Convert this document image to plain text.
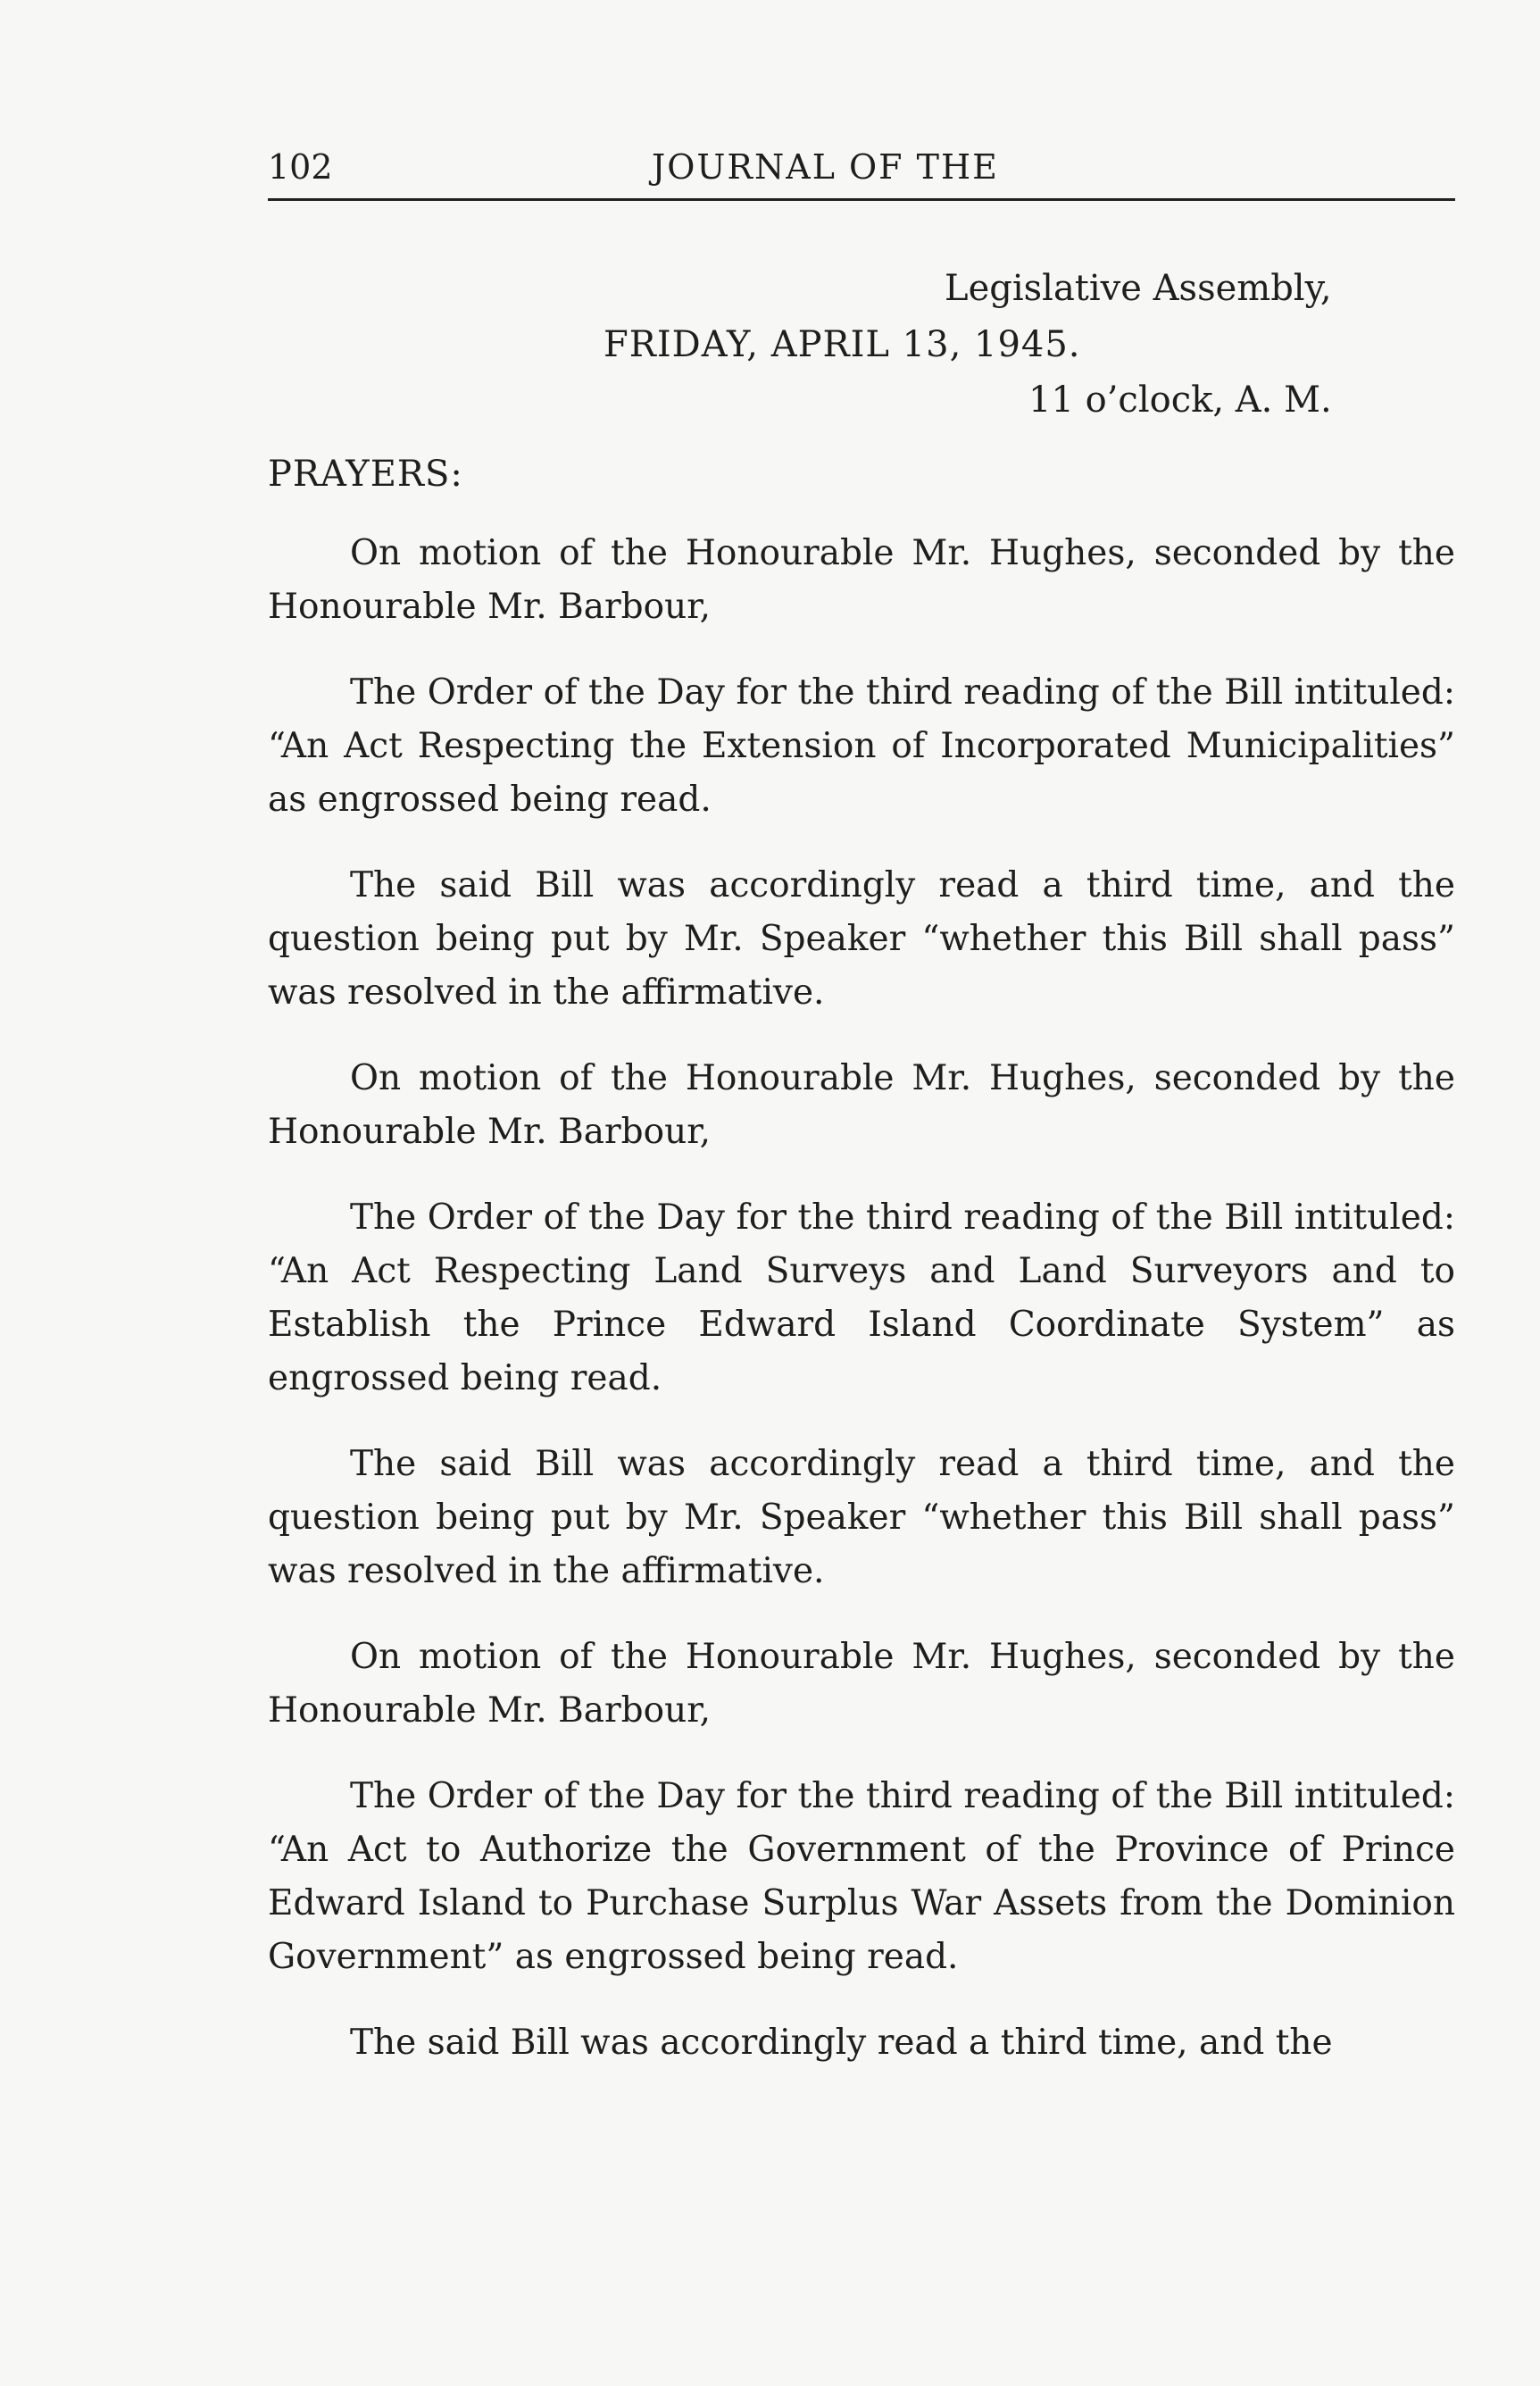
102	JOURNAL OF THE
Legislative Assembly,
FRIDAY, APRIL 13, 1945.
11 o’clock, A. M.
PRAYERS:

On motion of the Honourable Mr. Hughes, seconded by the Honourable Mr. Barbour,

The Order of the Day for the third reading of the Bill intituled: “An Act Respecting the Extension of Incorporated Municipalities” as engrossed being read.

The said Bill was accordingly read a third time, and the question being put by Mr. Speaker “whether this Bill shall pass” was resolved in the affirmative.

On motion of the Honourable Mr. Hughes, seconded by the Honourable Mr. Barbour,

The Order of the Day for the third reading of the Bill intituled: “An Act Respecting Land Surveys and Land Surveyors and to Establish the Prince Edward Island Coordinate System” as engrossed being read.

The said Bill was accordingly read a third time, and the question being put by Mr. Speaker “whether this Bill shall pass” was resolved in the affirmative.

On motion of the Honourable Mr. Hughes, seconded by the Honourable Mr. Barbour,

The Order of the Day for the third reading of the Bill intituled: “An Act to Authorize the Government of the Province of Prince Edward Island to Purchase Surplus War Assets from the Dominion Government” as engrossed being read.

The said Bill was accordingly read a third time, and the
